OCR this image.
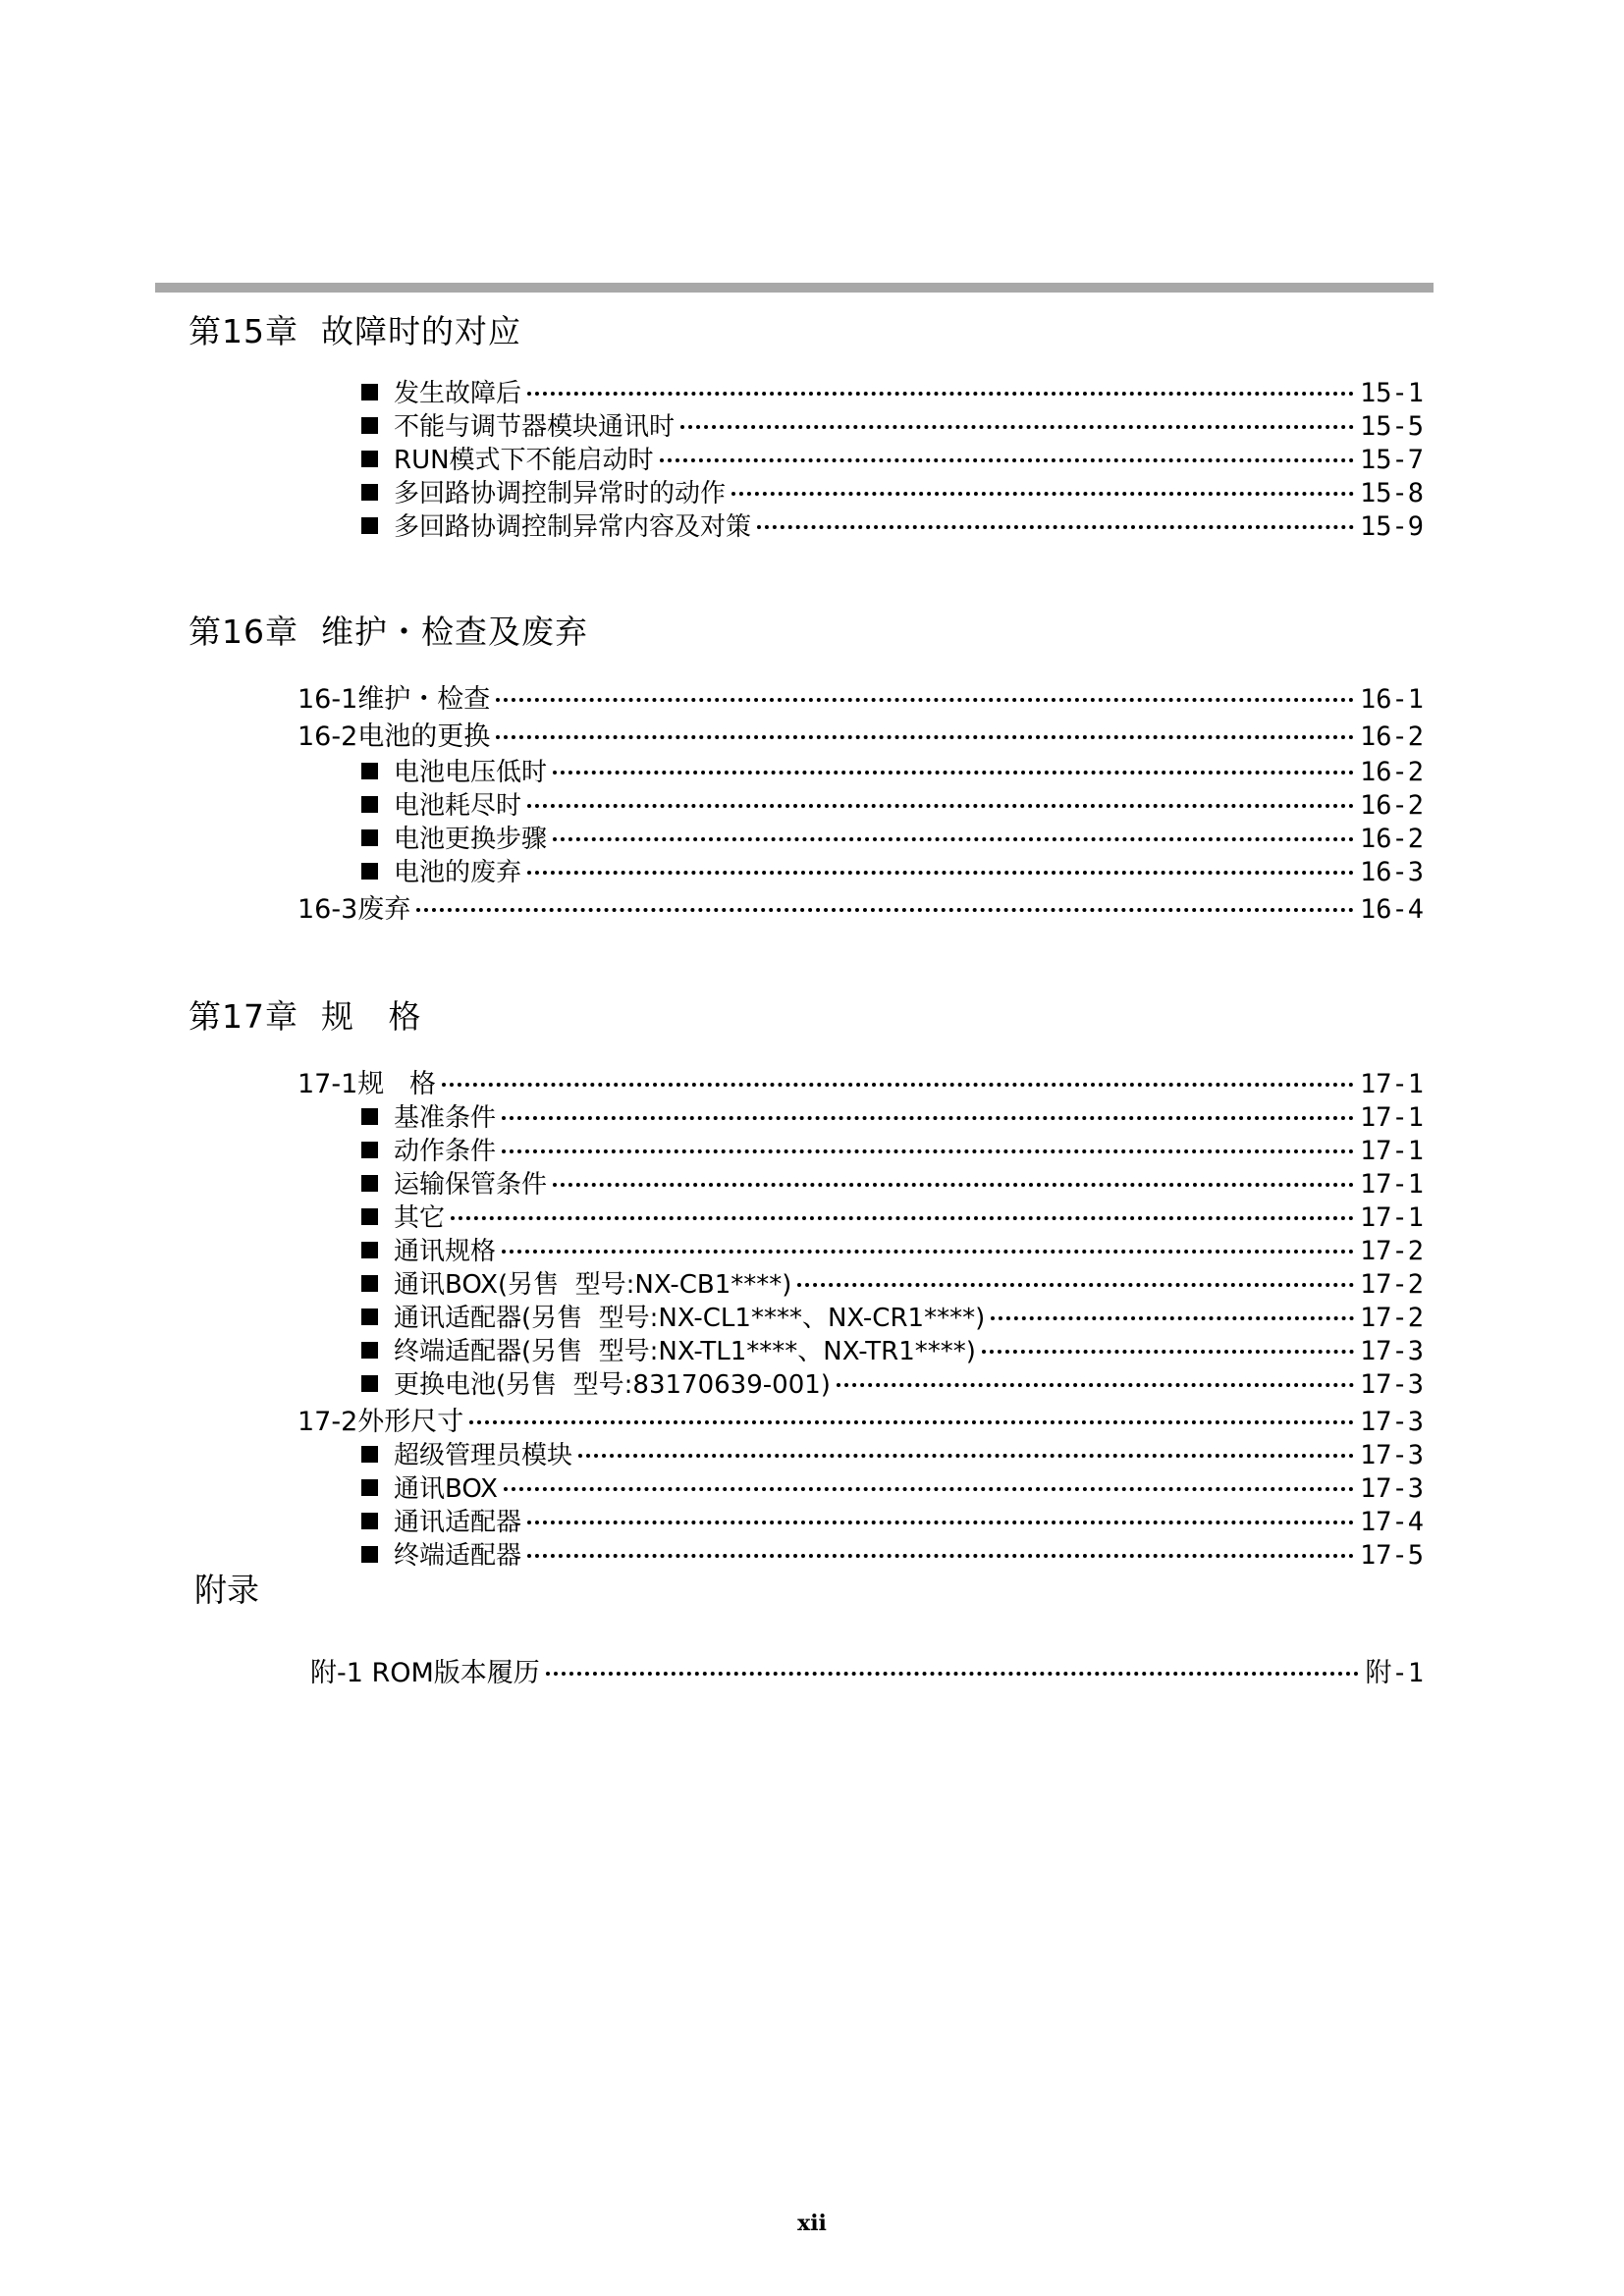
第15章  故障时的对应
发生故障后	15-1
不能与调节器模块通讯时	15-5
RUN模式下不能启动时	15-7
多回路协调控制异常时的动作	15-8
多回路协调控制异常内容及对策	15-9
第16章  维护・检查及废弃
16-1维护・检查	16-1
16-2电池的更换	16-2
电池电压低时	16-2
电池耗尽时	16-2
电池更换步骤	16-2
电池的废弃	16-3
16-3废弃	16-4
第17章  规   格
17-1规   格	17-1
基准条件	17-1
动作条件	17-1
运输保管条件	17-1
其它	17-1
通讯规格	17-2
通讯BOX(另售  型号:NX-CB1****)	17-2
通讯适配器(另售  型号:NX-CL1****、NX-CR1****)	17-2
终端适配器(另售  型号:NX-TL1****、NX-TR1****)	17-3
更换电池(另售  型号:83170639-001)	17-3
17-2外形尺寸	17-3
超级管理员模块	17-3
通讯BOX	17-3
通讯适配器	17-4
终端适配器	17-5
附录
附-1 ROM版本履历	附-1
xii
